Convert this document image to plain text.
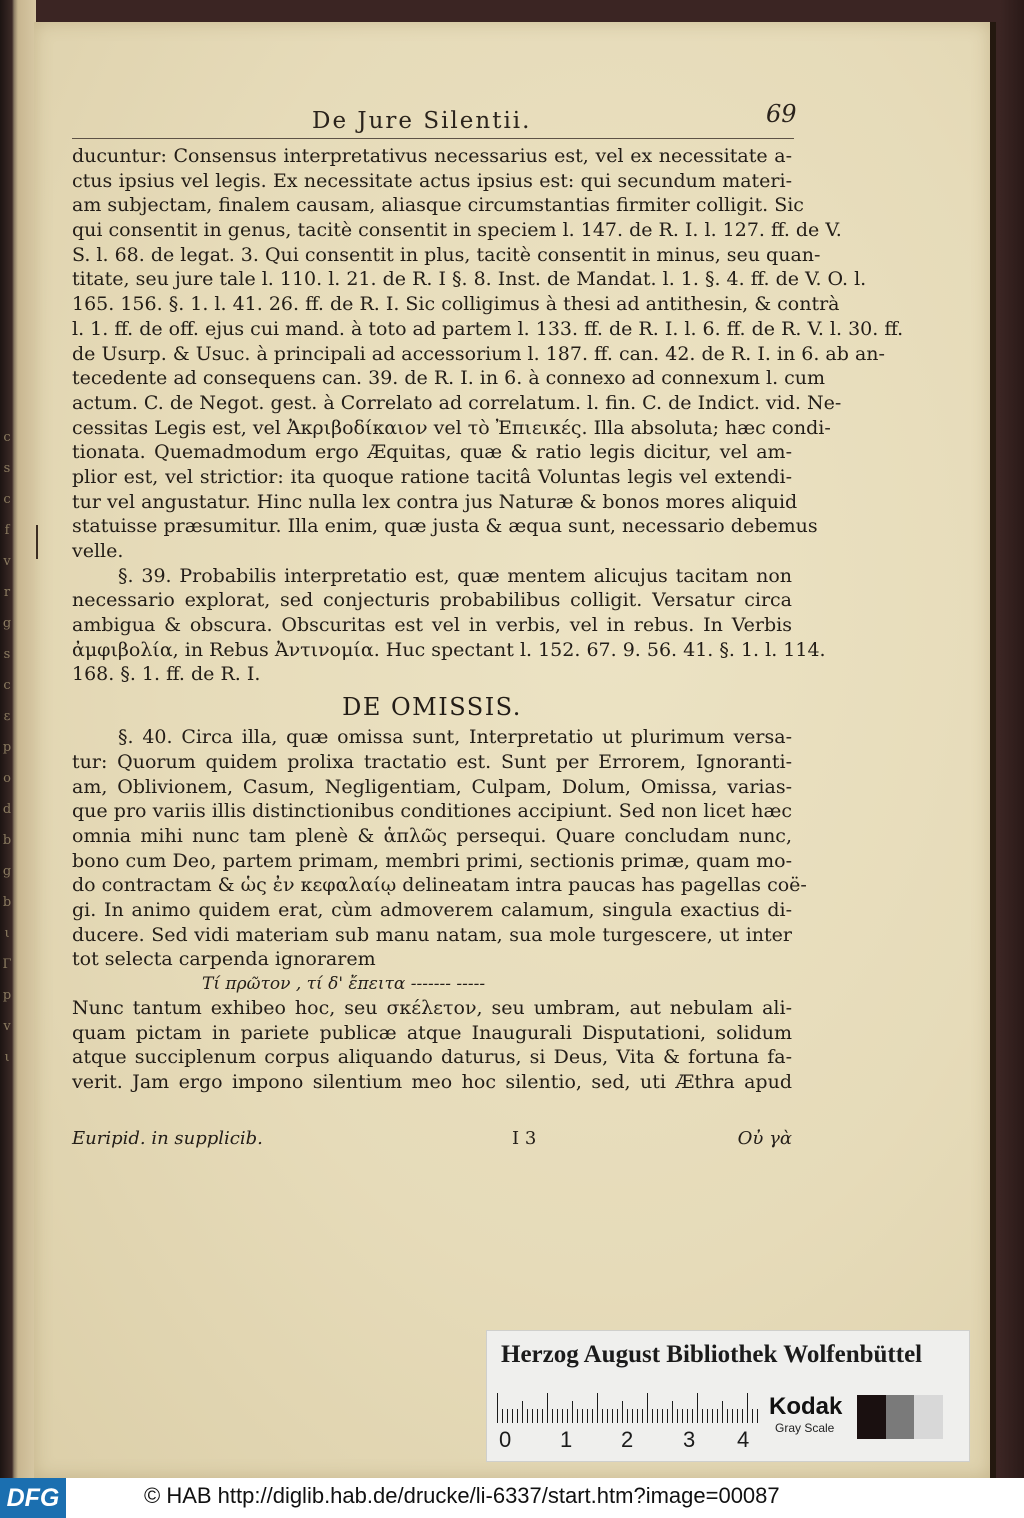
c
s
c
f
v
r
g
s
c
ε
p
o
d
b
g
b
ι
Γ
p
v
ι
De Jure Silentii.	69
ducuntur: Consensus interpretativus necessarius est, vel ex necessitate a-
ctus ipsius vel legis. Ex necessitate actus ipsius est: qui secundum materi-
am subjectam, finalem causam, aliasque circumstantias firmiter colligit. Sic
qui consentit in genus, tacitè consentit in speciem l. 147. de R. I. l. 127. ff. de V.
S. l. 68. de legat. 3. Qui consentit in plus, tacitè consentit in minus, seu quan-
titate, seu jure tale l. 110. l. 21. de R. I §. 8. Inst. de Mandat. l. 1. §. 4. ff. de V. O. l.
165. 156. §. 1. l. 41. 26. ff. de R. I. Sic colligimus à thesi ad antithesin, & contrà
l. 1. ff. de off. ejus cui mand. à toto ad partem l. 133. ff. de R. I. l. 6. ff. de R. V. l. 30. ff.
de Usurp. & Usuc. à principali ad accessorium l. 187. ff. can. 42. de R. I. in 6. ab an-
tecedente ad consequens can. 39. de R. I. in 6. à connexo ad connexum l. cum
actum. C. de Negot. gest. à Correlato ad correlatum. l. fin. C. de Indict. vid. Ne-
cessitas Legis est, vel Ἀκριβοδίκαιον vel τὸ Ἐπιεικές. Illa absoluta; hæc condi-
tionata. Quemadmodum ergo Æquitas, quæ & ratio legis dicitur, vel am-
plior est, vel strictior: ita quoque ratione tacitâ Voluntas legis vel extendi-
tur vel angustatur. Hinc nulla lex contra jus Naturæ & bonos mores aliquid
statuisse præsumitur. Illa enim, quæ justa & æqua sunt, necessario debemus
velle.
§. 39. Probabilis interpretatio est, quæ mentem alicujus tacitam non
necessario explorat, sed conjecturis probabilibus colligit. Versatur circa
ambigua & obscura. Obscuritas est vel in verbis, vel in rebus. In Verbis
ἀμφιβολία, in Rebus Ἀντινομία. Huc spectant l. 152. 67. 9. 56. 41. §. 1. l. 114.
168. §. 1. ff. de R. I.
DE OMISSIS.
§. 40. Circa illa, quæ omissa sunt, Interpretatio ut plurimum versa-
tur: Quorum quidem prolixa tractatio est. Sunt per Errorem, Ignoranti-
am, Oblivionem, Casum, Negligentiam, Culpam, Dolum, Omissa, varias-
que pro variis illis distinctionibus conditiones accipiunt. Sed non licet hæc
omnia mihi nunc tam plenè & ἁπλῶς persequi. Quare concludam nunc,
bono cum Deo, partem primam, membri primi, sectionis primæ, quam mo-
do contractam & ὡς ἐν κεφαλαίῳ delineatam intra paucas has pagellas coë-
gi. In animo quidem erat, cùm admoverem calamum, singula exactius di-
ducere. Sed vidi materiam sub manu natam, sua mole turgescere, ut inter
tot selecta carpenda ignorarem
Τί πρῶτον , τί δ' ἔπειτα ------- -----
Nunc tantum exhibeo hoc, seu σκέλετον, seu umbram, aut nebulam ali-
quam pictam in pariete publicæ atque Inaugurali Disputationi, solidum
atque succiplenum corpus aliquando daturus, si Deus, Vita & fortuna fa-
verit. Jam ergo impono silentium meo hoc silentio, sed, uti Æthra apud
Euripid. in supplicib.	I 3	Οὐ γὰ
Herzog August Bibliothek Wolfenbüttel
0 1 2 3 4
Kodak
Gray Scale
DFG	© HAB http://diglib.hab.de/drucke/li-6337/start.htm?image=00087
